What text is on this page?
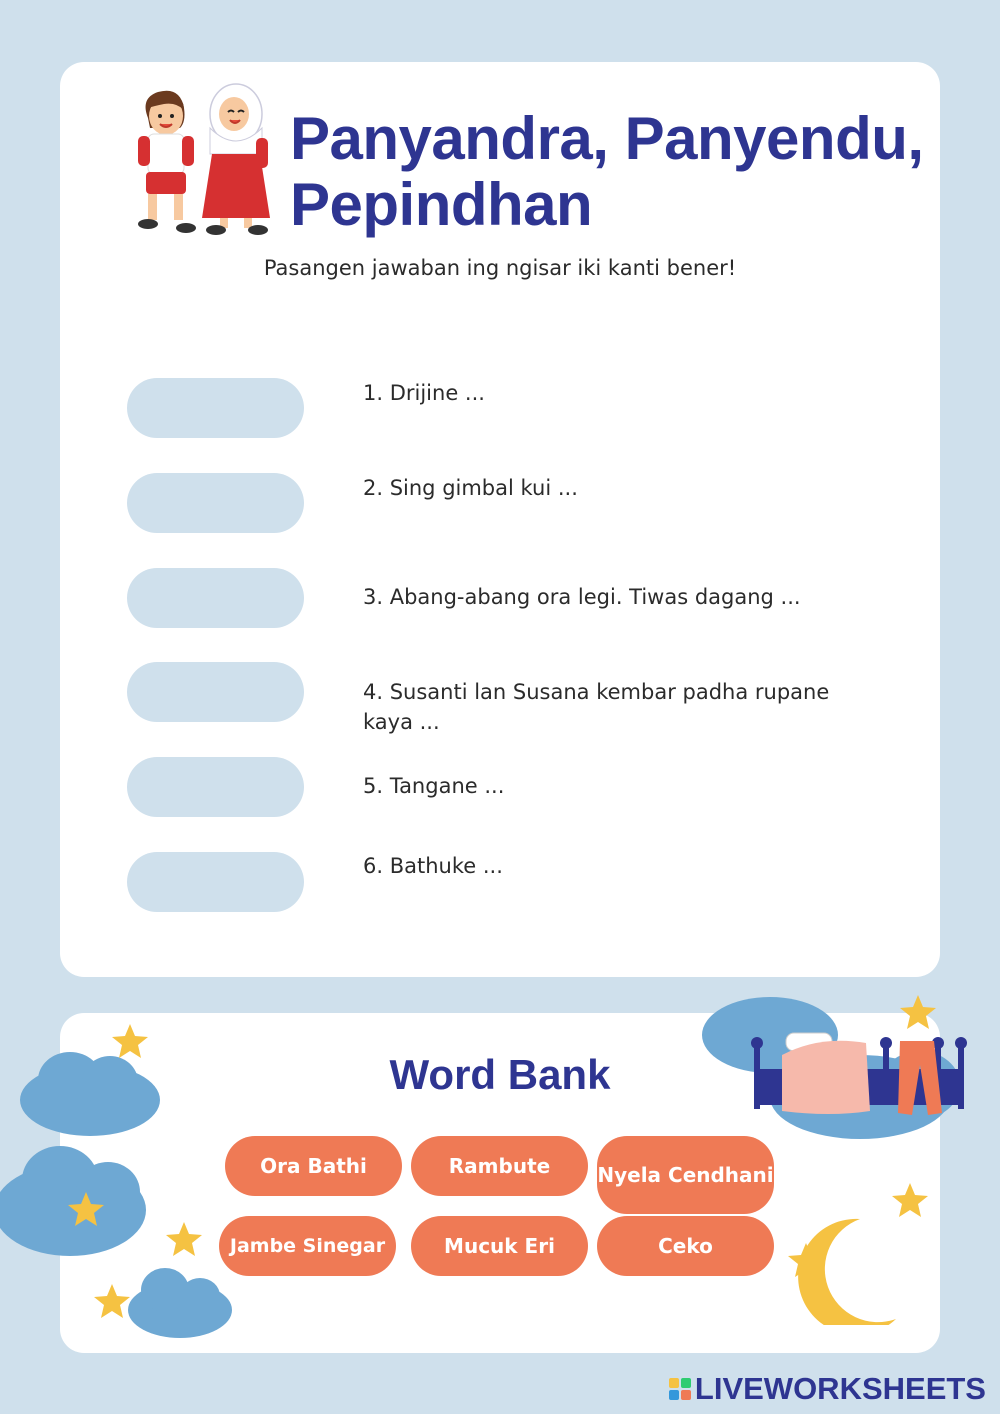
Panyandra, Panyendu, Pepindhan
Pasangen jawaban ing ngisar iki kanti bener!
1. Drijine ...
2. Sing gimbal kui ...
3. Abang-abang ora legi. Tiwas dagang ...
4. Susanti lan Susana kembar padha rupane kaya ...
5. Tangane ...
6. Bathuke ...
Word Bank
Ora Bathi	Rambute	Nyela Cendhani
Jambe Sinegar	Mucuk Eri	Ceko
LIVEWORKSHEETS
